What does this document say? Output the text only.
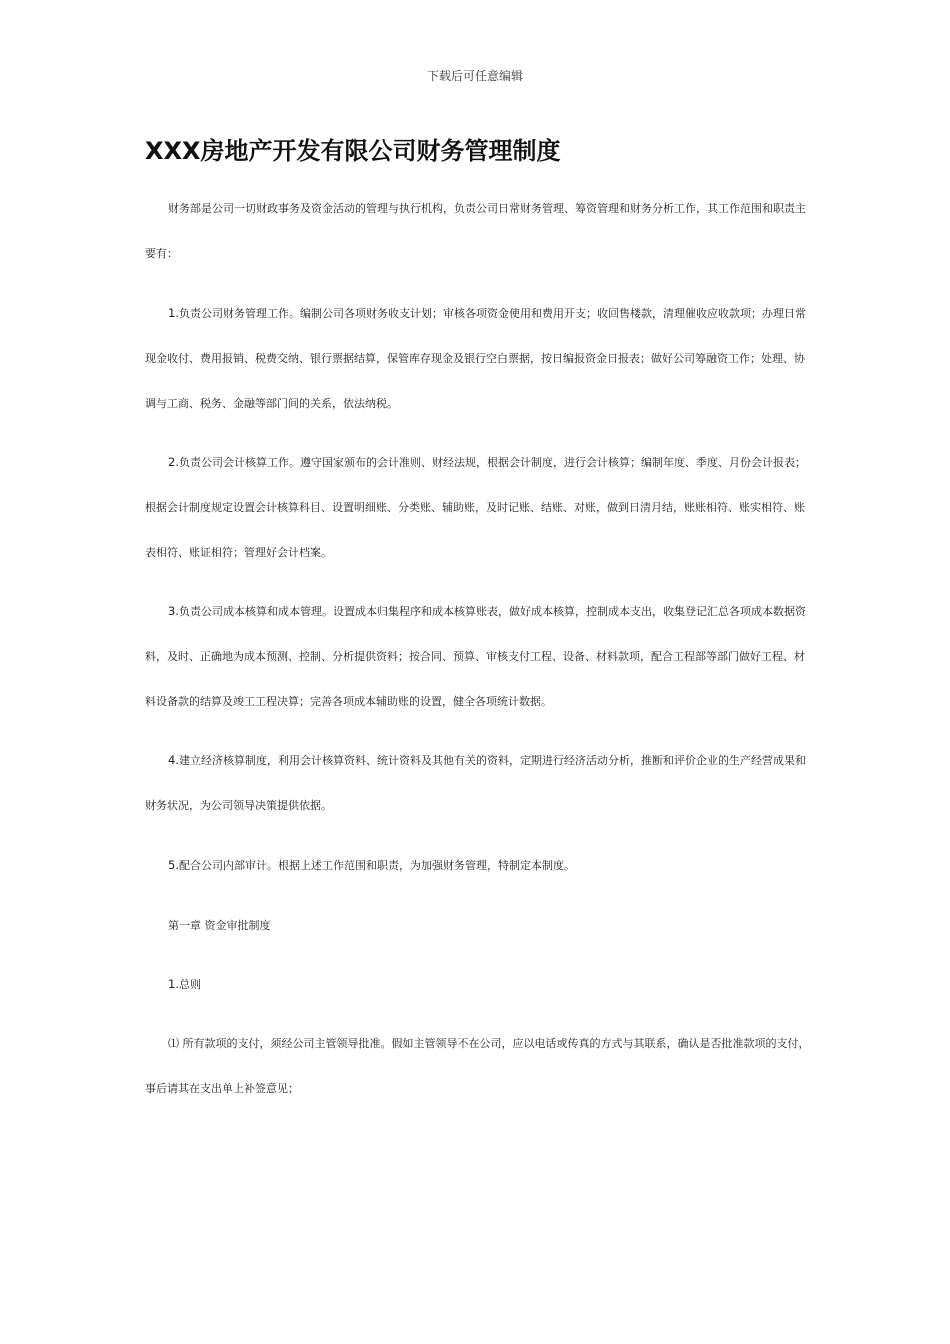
下载后可任意编辑
XXX房地产开发有限公司财务管理制度

财务部是公司一切财政事务及资金活动的管理与执行机构，负责公司日常财务管理、筹资管理和财务分析工作，其工作范围和职责主要有：

1.负责公司财务管理工作。编制公司各项财务收支计划；审核各项资金使用和费用开支；收回售楼款，清理催收应收款项；办理日常现金收付、费用报销、税费交纳、银行票据结算，保管库存现金及银行空白票据，按日编报资金日报表；做好公司筹融资工作；处理、协调与工商、税务、金融等部门间的关系，依法纳税。

2.负责公司会计核算工作。遵守国家颁布的会计准则、财经法规，根据会计制度，进行会计核算；编制年度、季度、月份会计报表；根据会计制度规定设置会计核算科目、设置明细账、分类账、辅助账，及时记账、结账、对账，做到日清月结，账账相符、账实相符、账表相符、账证相符；管理好会计档案。

3.负责公司成本核算和成本管理。设置成本归集程序和成本核算账表，做好成本核算，控制成本支出，收集登记汇总各项成本数据资料，及时、正确地为成本预测、控制、分析提供资料；按合同、预算、审核支付工程、设备、材料款项，配合工程部等部门做好工程、材料设备款的结算及竣工工程决算；完善各项成本辅助账的设置，健全各项统计数据。

4.建立经济核算制度，利用会计核算资料、统计资料及其他有关的资料，定期进行经济活动分析，推断和评价企业的生产经营成果和财务状况，为公司领导决策提供依据。

5.配合公司内部审计。根据上述工作范围和职责，为加强财务管理，特制定本制度。

第一章 资金审批制度

1.总则

⑴ 所有款项的支付，须经公司主管领导批准。假如主管领导不在公司，应以电话或传真的方式与其联系，确认是否批准款项的支付，事后请其在支出单上补签意见；
